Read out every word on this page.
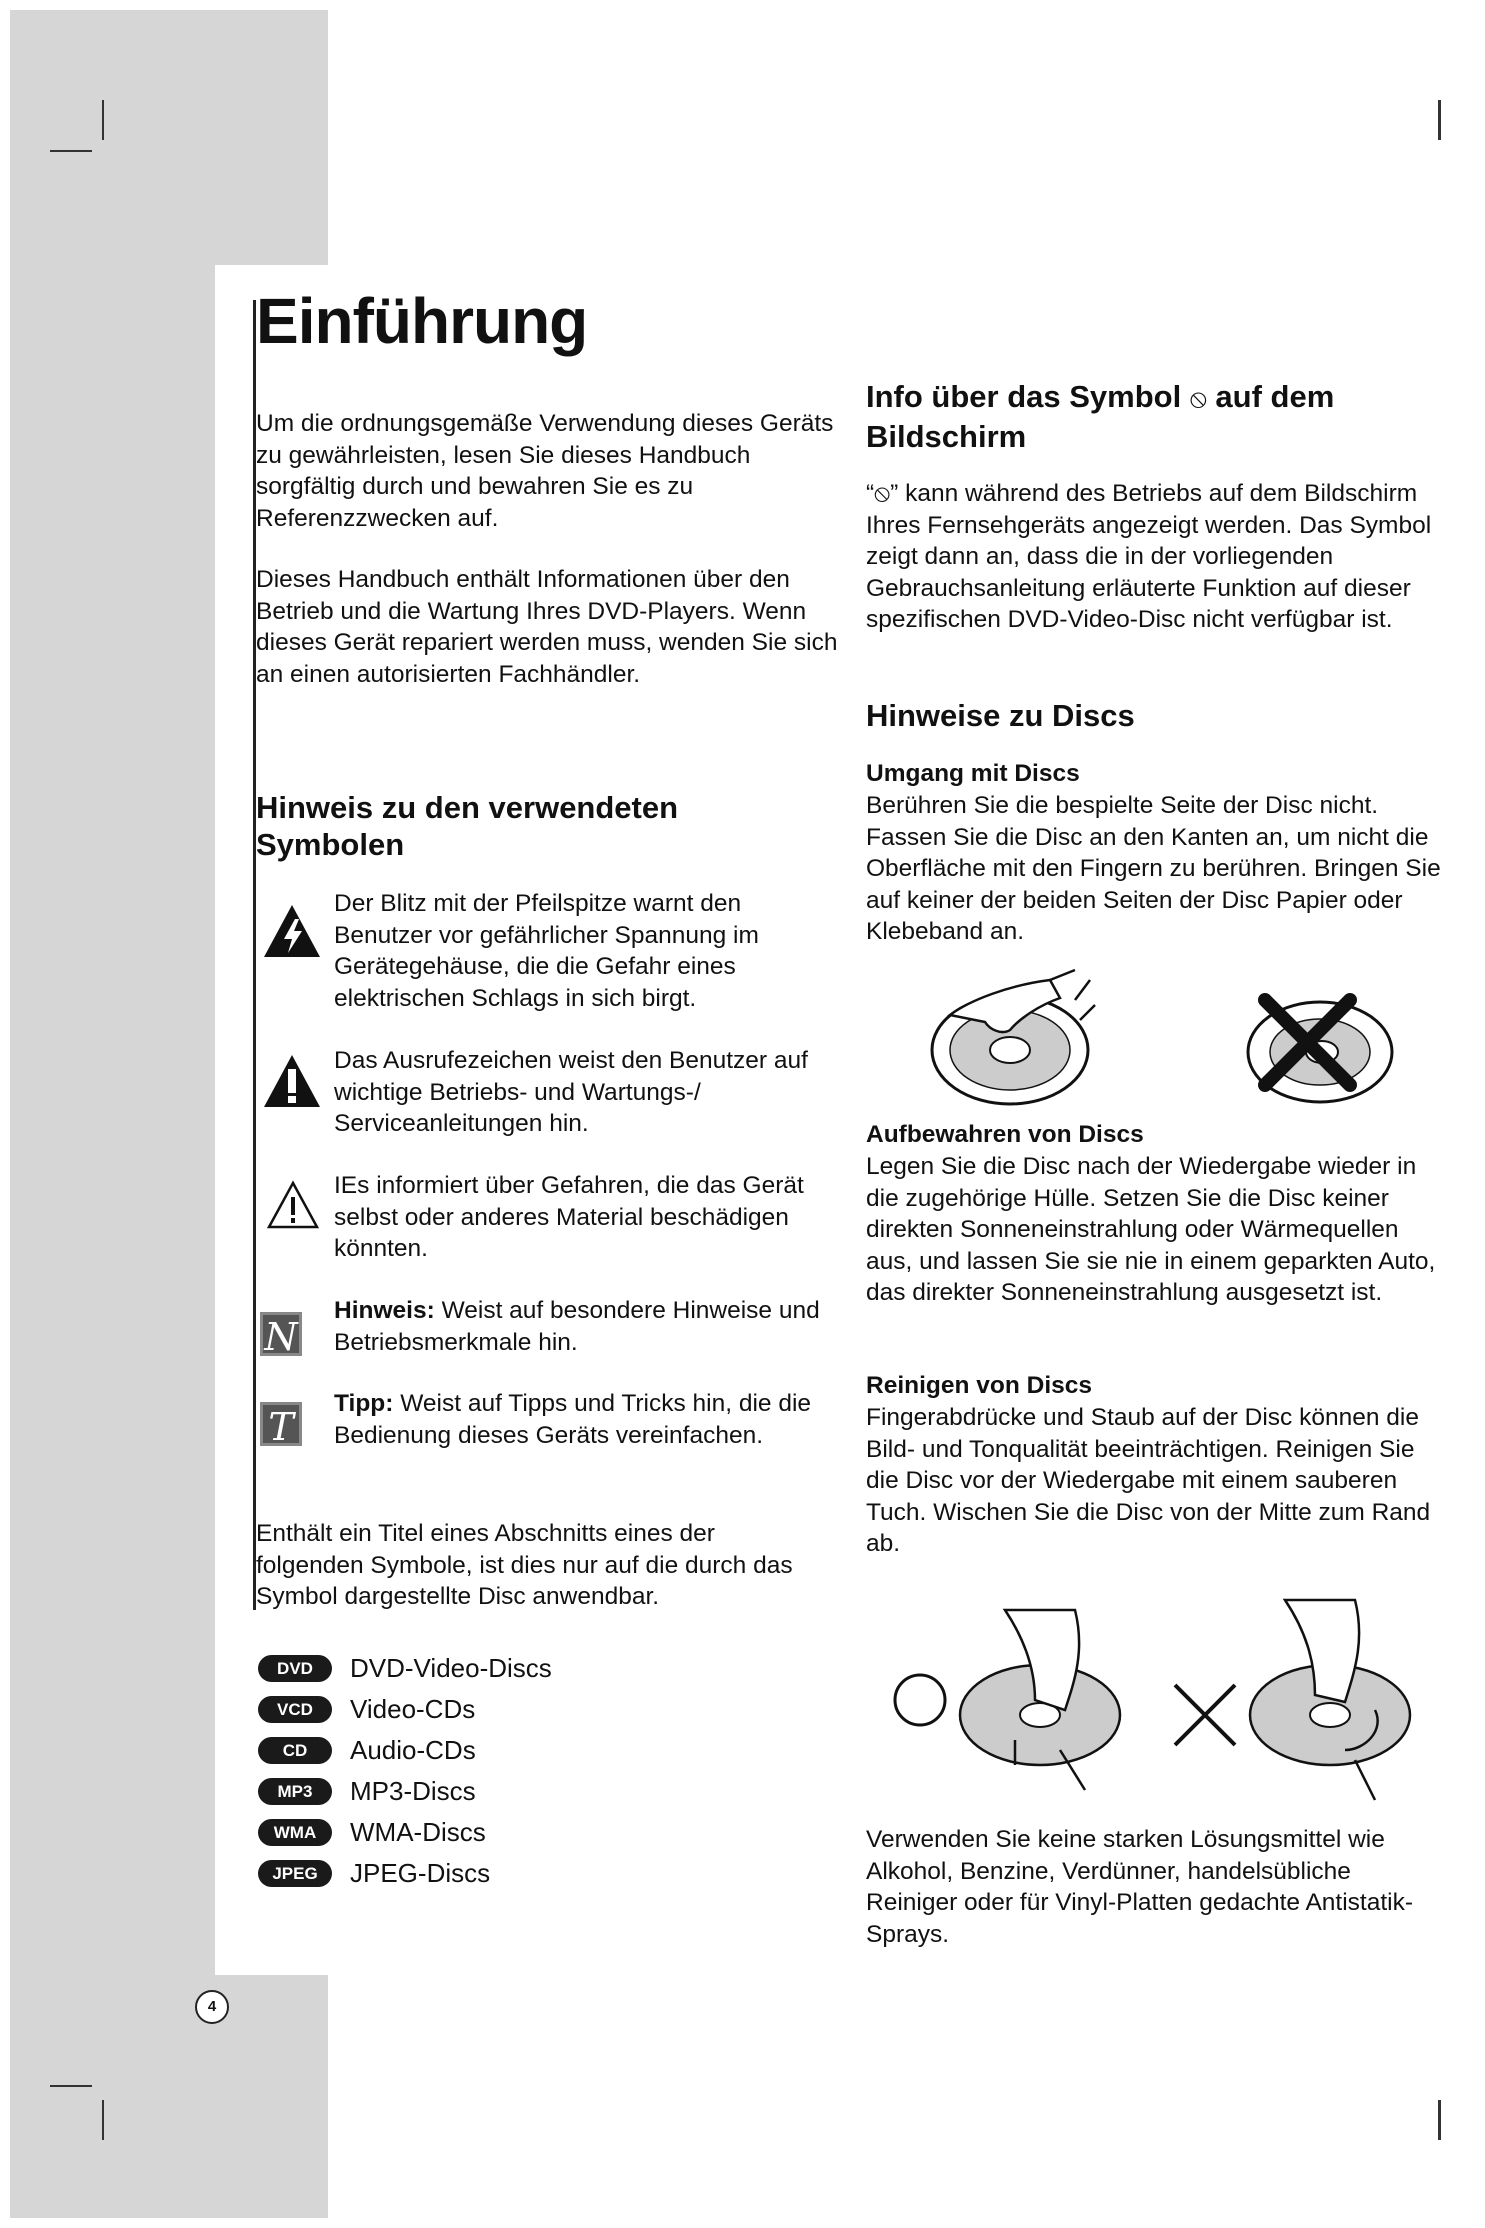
Einführung

Um die ordnungsgemäße Verwendung dieses Geräts zu gewährleisten, lesen Sie dieses Handbuch sorgfältig durch und bewahren Sie es zu Referenzzwecken auf.

Dieses Handbuch enthält Informationen über den Betrieb und die Wartung Ihres DVD-Players. Wenn dieses Gerät repariert werden muss, wenden Sie sich an einen autorisierten Fachhändler.

Hinweis zu den verwendeten Symbolen

Der Blitz mit der Pfeilspitze warnt den Benutzer vor gefährlicher Spannung im Gerätegehäuse, die die Gefahr eines elektrischen Schlags in sich birgt.

Das Ausrufezeichen weist den Benutzer auf wichtige Betriebs- und Wartungs-/ Serviceanleitungen hin.

IEs informiert über Gefahren, die das Gerät selbst oder anderes Material beschädigen könnten.

N

Hinweis: Weist auf besondere Hinweise und Betriebsmerkmale hin.

T

Tipp: Weist auf Tipps und Tricks hin, die die Bedienung dieses Geräts vereinfachen.

Enthält ein Titel eines Abschnitts eines der folgenden Symbole, ist dies nur auf die durch das Symbol dargestellte Disc anwendbar.

DVD	DVD-Video-Discs
VCD	Video-CDs
CD	Audio-CDs
MP3	MP3-Discs
WMA	WMA-Discs
JPEG	JPEG-Discs
4
Info über das Symbol ⦸ auf dem
Bildschirm

“⦸” kann während des Betriebs auf dem Bildschirm Ihres Fernsehgeräts angezeigt werden. Das Symbol zeigt dann an, dass die in der vorliegenden Gebrauchsanleitung erläuterte Funktion auf dieser spezifischen DVD-Video-Disc nicht verfügbar ist.

Hinweise zu Discs
Umgang mit Discs

Berühren Sie die bespielte Seite der Disc nicht. Fassen Sie die Disc an den Kanten an, um nicht die Oberfläche mit den Fingern zu berühren. Bringen Sie auf keiner der beiden Seiten der Disc Papier oder Klebeband an.

Aufbewahren von Discs

Legen Sie die Disc nach der Wiedergabe wieder in die zugehörige Hülle. Setzen Sie die Disc keiner direkten Sonneneinstrahlung oder Wärmequellen aus, und lassen Sie sie nie in einem geparkten Auto, das direkter Sonneneinstrahlung ausgesetzt ist.

Reinigen von Discs

Fingerabdrücke und Staub auf der Disc können die Bild- und Tonqualität beeinträchtigen. Reinigen Sie die Disc vor der Wiedergabe mit einem sauberen Tuch. Wischen Sie die Disc von der Mitte zum Rand ab.

Verwenden Sie keine starken Lösungsmittel wie Alkohol, Benzine, Verdünner, handelsübliche Reiniger oder für Vinyl-Platten gedachte Antistatik-Sprays.
